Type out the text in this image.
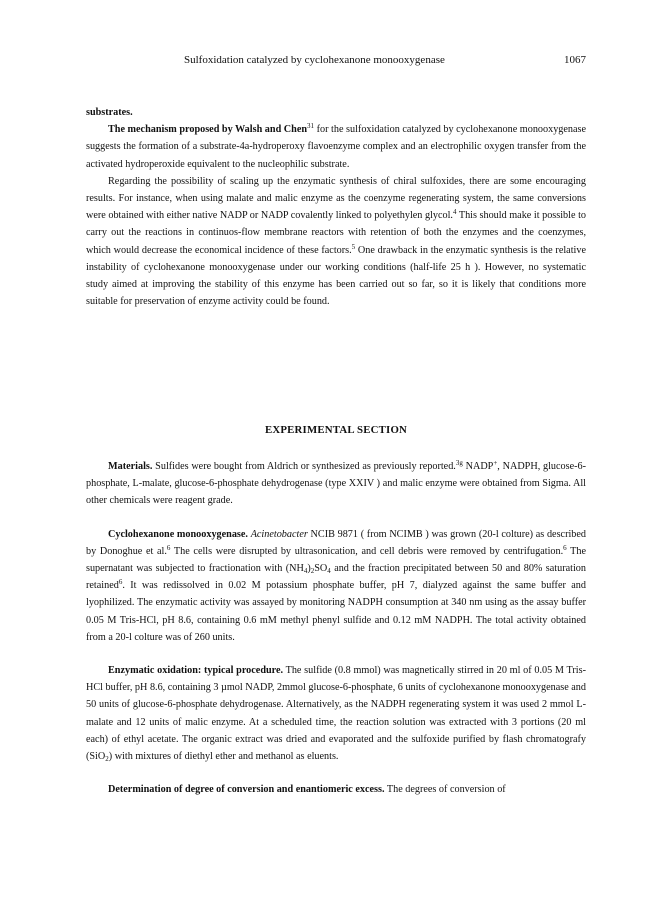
Sulfoxidation catalyzed by cyclohexanone monooxygenase	1067

substrates.

The mechanism proposed by Walsh and Chen$^{31}$ for the sulfoxidation catalyzed by cyclohexanone monooxygenase suggests the formation of a substrate-4a-hydroperoxy flavoenzyme complex and an electrophilic oxygen transfer from the activated hydroperoxide equivalent to the nucleophilic substrate.

Regarding the possibility of scaling up the enzymatic synthesis of chiral sulfoxides, there are some encouraging results. For instance, when using malate and malic enzyme as the coenzyme regenerating system, the same conversions were obtained with either native NADP or NADP covalently linked to polyethylen glycol.$^4$ This should make it possible to carry out the reactions in continuos-flow membrane reactors with retention of both the enzymes and the coenzymes, which would decrease the economical incidence of these factors.$^5$ One drawback in the enzymatic synthesis is the relative instability of cyclohexanone monooxygenase under our working conditions (half-life 25 h ). However, no systematic study aimed at improving the stability of this enzyme has been carried out so far, so it is likely that conditions more suitable for preservation of enzyme activity could be found.

EXPERIMENTAL SECTION

Materials. Sulfides were bought from Aldrich or synthesized as previously reported.$^{3g}$ NADP+, NADPH, glucose-6-phosphate, L-malate, glucose-6-phosphate dehydrogenase (type XXIV ) and malic enzyme were obtained from Sigma. All other chemicals were reagent grade.

Cyclohexanone monooxygenase. Acinetobacter NCIB 9871 ( from NCIMB ) was grown (20-l colture) as described by Donoghue et al.$^6$ The cells were disrupted by ultrasonication, and cell debris were removed by centrifugation.$^6$ The supernatant was subjected to fractionation with $(NH_4)_2SO_4$ and the fraction precipitated between 50 and 80% saturation retained$^6$. It was redissolved in 0.02 M potassium phosphate buffer, pH 7, dialyzed against the same buffer and lyophilized. The enzymatic activity was assayed by monitoring NADPH consumption at 340 nm using as the assay buffer 0.05 M Tris-HCl, pH 8.6, containing 0.6 mM methyl phenyl sulfide and 0.12 mM NADPH. The total activity obtained from a 20-l colture was of 260 units.

Enzymatic oxidation: typical procedure. The sulfide (0.8 mmol) was magnetically stirred in 20 ml of 0.05 M Tris-HCl buffer, pH 8.6, containing 3 µmol NADP, 2mmol glucose-6-phosphate, 6 units of cyclohexanone monooxygenase and 50 units of glucose-6-phosphate dehydrogenase. Alternatively, as the NADPH regenerating system it was used 2 mmol L-malate and 12 units of malic enzyme. At a scheduled time, the reaction solution was extracted with 3 portions (20 ml each) of ethyl acetate. The organic extract was dried and evaporated and the sulfoxide purified by flash chromatografy (SiO$_2$) with mixtures of diethyl ether and methanol as eluents.

Determination of degree of conversion and enantiomeric excess. The degrees of conversion of
